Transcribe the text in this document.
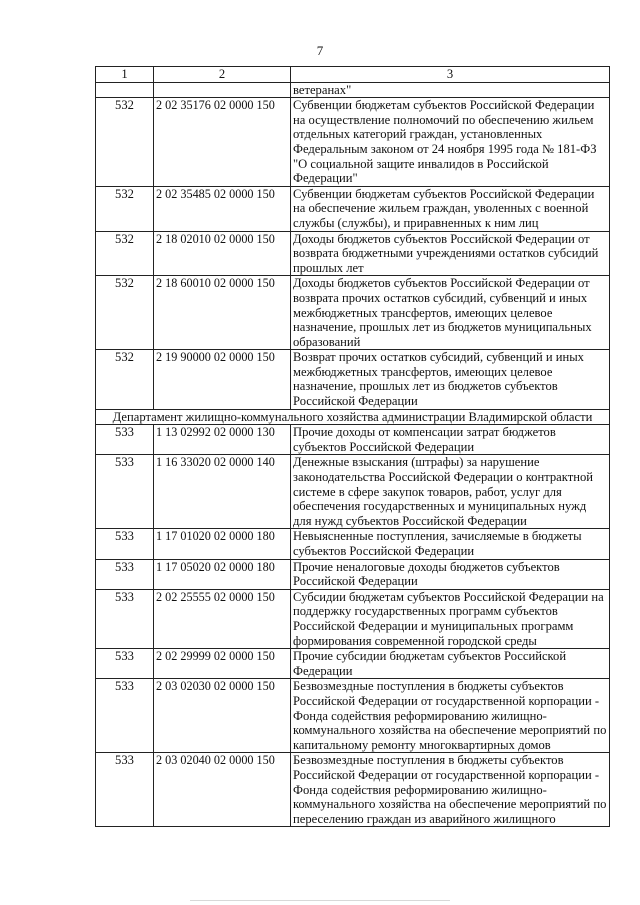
7
1	2	3
		ветеранах"
532	2 02 35176 02 0000 150	Субвенции бюджетам субъектов Российской Федерации на осуществление полномочий по обеспечению жильем отдельных категорий граждан, установленных Федеральным законом от 24 ноября 1995 года № 181-ФЗ "О социальной защите инвалидов в Российской Федерации"
532	2 02 35485 02 0000 150	Субвенции бюджетам субъектов Российской Федерации на обеспечение жильем граждан, уволенных с военной службы (службы), и приравненных к ним лиц
532	2 18 02010 02 0000 150	Доходы бюджетов субъектов Российской Федерации от возврата бюджетными учреждениями остатков субсидий прошлых лет
532	2 18 60010 02 0000 150	Доходы бюджетов субъектов Российской Федерации от возврата прочих остатков субсидий, субвенций и иных межбюджетных трансфертов, имеющих целевое назначение, прошлых лет из бюджетов муниципальных образований
532	2 19 90000 02 0000 150	Возврат прочих остатков субсидий, субвенций и иных межбюджетных трансфертов, имеющих целевое назначение, прошлых лет из бюджетов субъектов Российской Федерации
Департамент жилищно-коммунального хозяйства администрации Владимирской области		
533	1 13 02992 02 0000 130	Прочие доходы от компенсации затрат бюджетов субъектов Российской Федерации
533	1 16 33020 02 0000 140	Денежные взыскания (штрафы) за нарушение законодательства Российской Федерации о контрактной системе в сфере закупок товаров, работ, услуг для обеспечения государственных и муниципальных нужд для нужд субъектов Российской Федерации
533	1 17 01020 02 0000 180	Невыясненные поступления, зачисляемые в бюджеты субъектов Российской Федерации
533	1 17 05020 02 0000 180	Прочие неналоговые доходы бюджетов субъектов Российской Федерации
533	2 02 25555 02 0000 150	Субсидии бюджетам субъектов Российской Федерации на поддержку государственных программ субъектов Российской Федерации и муниципальных программ формирования современной городской среды
533	2 02 29999 02 0000 150	Прочие субсидии бюджетам субъектов Российской Федерации
533	2 03 02030 02 0000 150	Безвозмездные поступления в бюджеты субъектов Российской Федерации от государственной корпорации - Фонда содействия реформированию жилищно-коммунального хозяйства на обеспечение мероприятий по капитальному ремонту многоквартирных домов
533	2 03 02040 02 0000 150	Безвозмездные поступления в бюджеты субъектов Российской Федерации от государственной корпорации - Фонда содействия реформированию жилищно-коммунального хозяйства на обеспечение мероприятий по переселению граждан из аварийного жилищного
